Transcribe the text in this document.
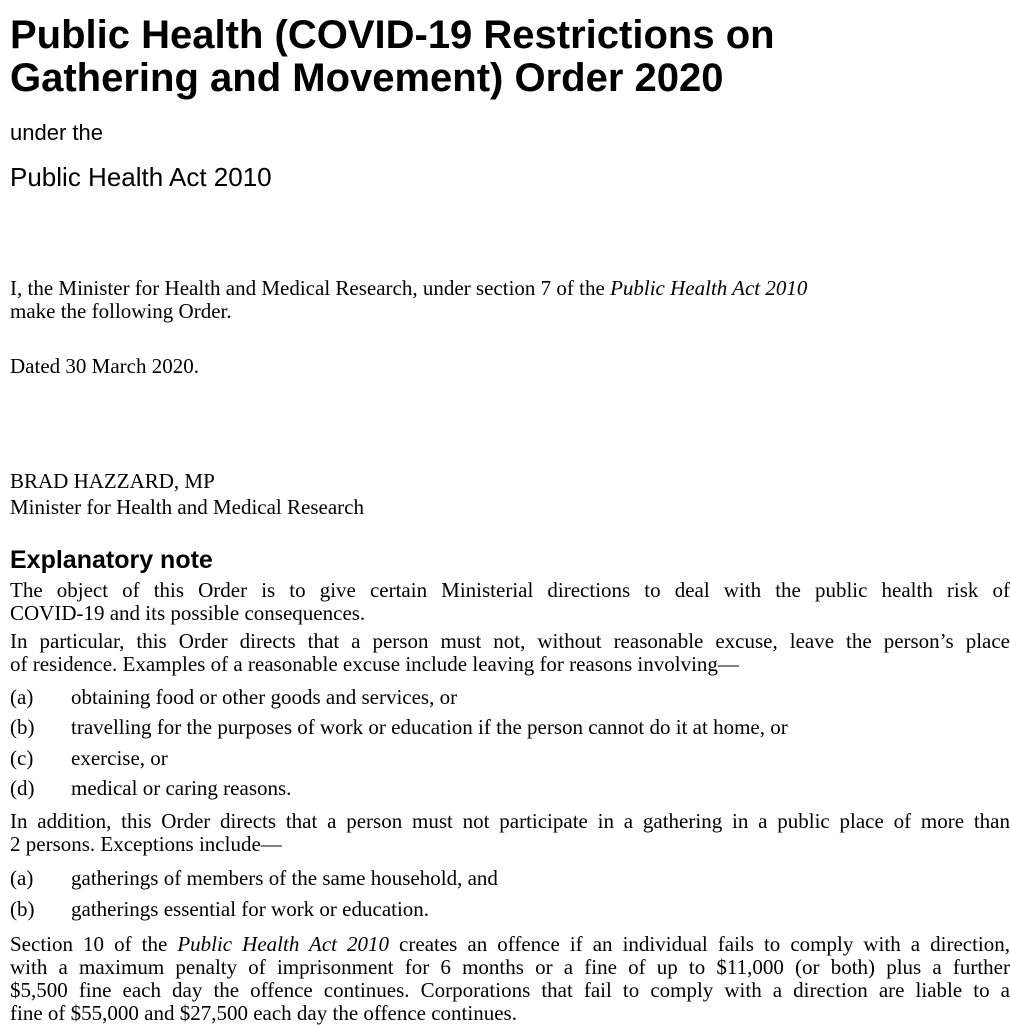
Public Health (COVID-19 Restrictions on
Gathering and Movement) Order 2020
under the
Public Health Act 2010
I, the Minister for Health and Medical Research, under section 7 of the Public Health Act 2010
make the following Order.
Dated 30 March 2020.
BRAD HAZZARD, MP
Minister for Health and Medical Research
Explanatory note
The object of this Order is to give certain Ministerial directions to deal with the public health risk of
COVID-19 and its possible consequences.
In particular, this Order directs that a person must not, without reasonable excuse, leave the person’s place
of residence. Examples of a reasonable excuse include leaving for reasons involving—
(a) obtaining food or other goods and services, or
(b) travelling for the purposes of work or education if the person cannot do it at home, or
(c) exercise, or
(d) medical or caring reasons.
In addition, this Order directs that a person must not participate in a gathering in a public place of more than
2 persons. Exceptions include—
(a) gatherings of members of the same household, and
(b) gatherings essential for work or education.
Section 10 of the Public Health Act 2010 creates an offence if an individual fails to comply with a direction,
with a maximum penalty of imprisonment for 6 months or a fine of up to $11,000 (or both) plus a further
$5,500 fine each day the offence continues. Corporations that fail to comply with a direction are liable to a
fine of $55,000 and $27,500 each day the offence continues.
